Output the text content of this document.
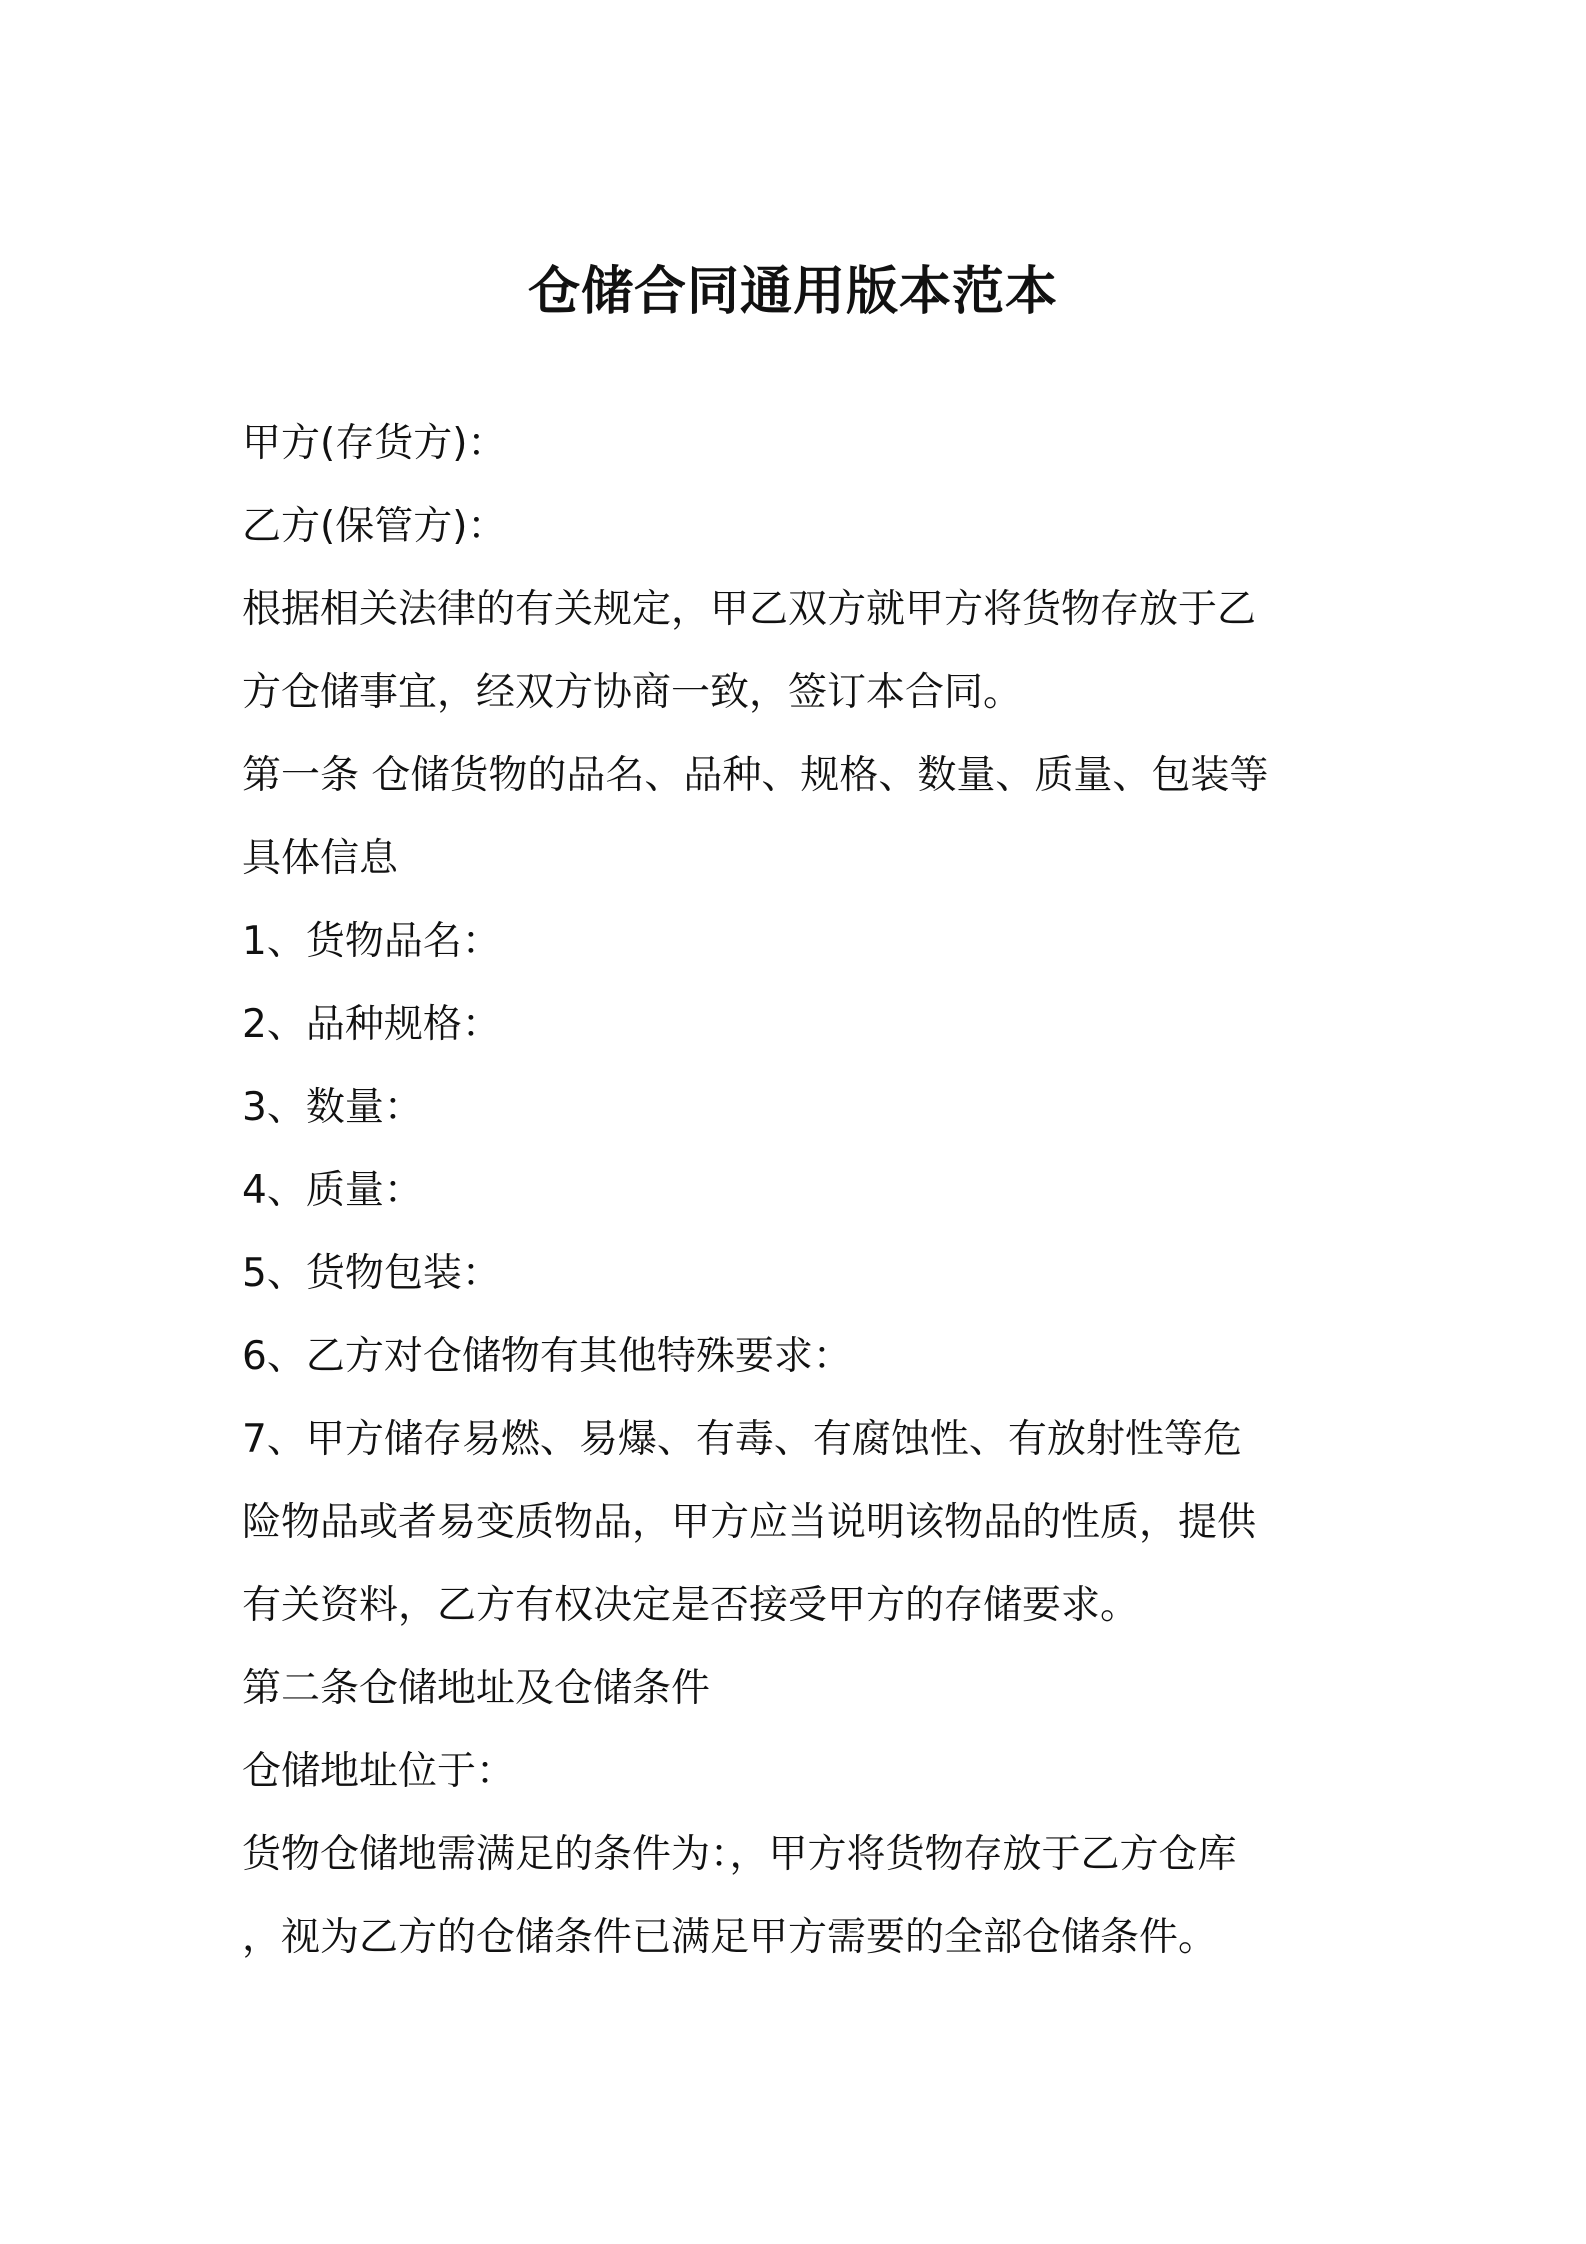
仓储合同通用版本范本

甲方(存货方)：

乙方(保管方)：

根据相关法律的有关规定，甲乙双方就甲方将货物存放于乙

方仓储事宜，经双方协商一致，签订本合同。

第一条 仓储货物的品名、品种、规格、数量、质量、包装等

具体信息

1、货物品名：

2、品种规格：

3、数量：

4、质量：

5、货物包装：

6、乙方对仓储物有其他特殊要求：

7、甲方储存易燃、易爆、有毒、有腐蚀性、有放射性等危

险物品或者易变质物品，甲方应当说明该物品的性质，提供

有关资料，乙方有权决定是否接受甲方的存储要求。

第二条仓储地址及仓储条件

仓储地址位于：

货物仓储地需满足的条件为：，甲方将货物存放于乙方仓库

，视为乙方的仓储条件已满足甲方需要的全部仓储条件。
